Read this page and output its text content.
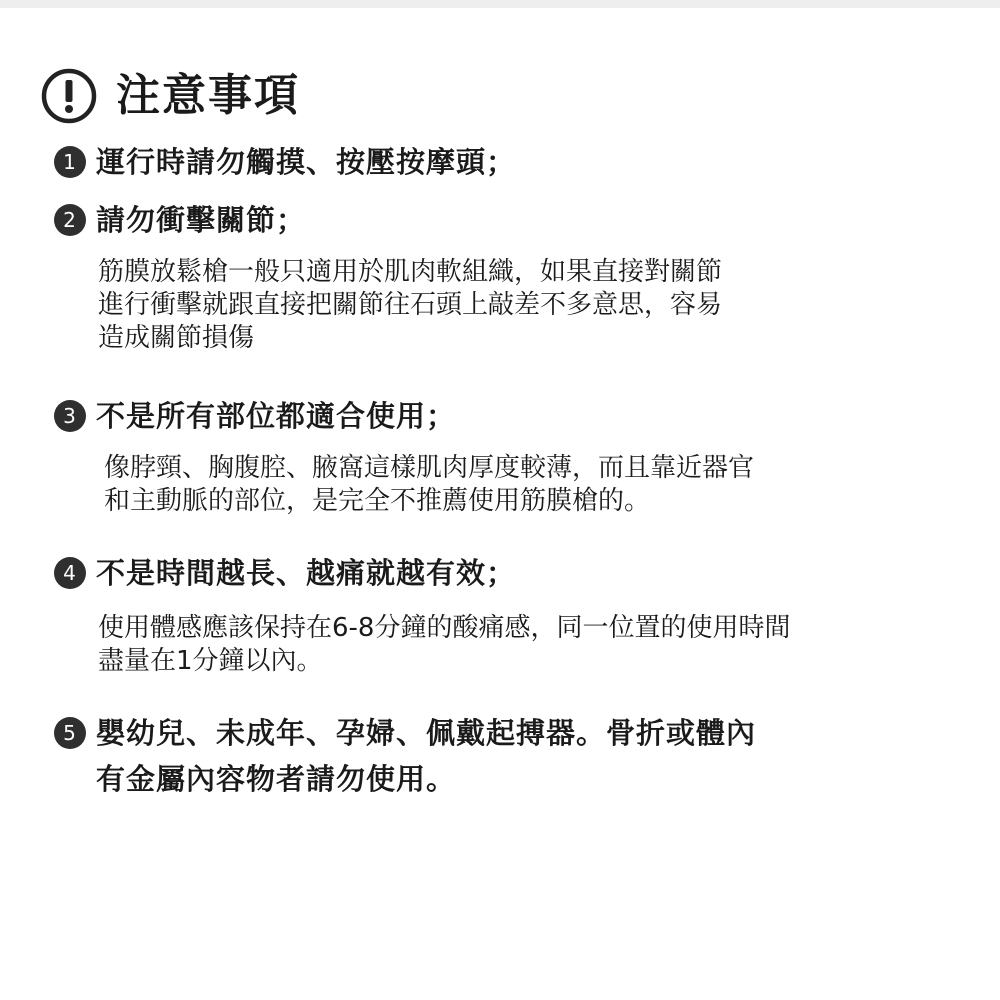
注意事項
1 運行時請勿觸摸、按壓按摩頭；
2 請勿衝擊關節；
筋膜放鬆槍一般只適用於肌肉軟組織，如果直接對關節
進行衝擊就跟直接把關節往石頭上敲差不多意思，容易
造成關節損傷
3 不是所有部位都適合使用；
像脖頸、胸腹腔、腋窩這樣肌肉厚度較薄，而且靠近器官
和主動脈的部位，是完全不推薦使用筋膜槍的。
4 不是時間越長、越痛就越有效；
使用體感應該保持在6-8分鐘的酸痛感，同一位置的使用時間
盡量在1分鐘以內。
5 嬰幼兒、未成年、孕婦、佩戴起搏器。骨折或體內
有金屬內容物者請勿使用。
